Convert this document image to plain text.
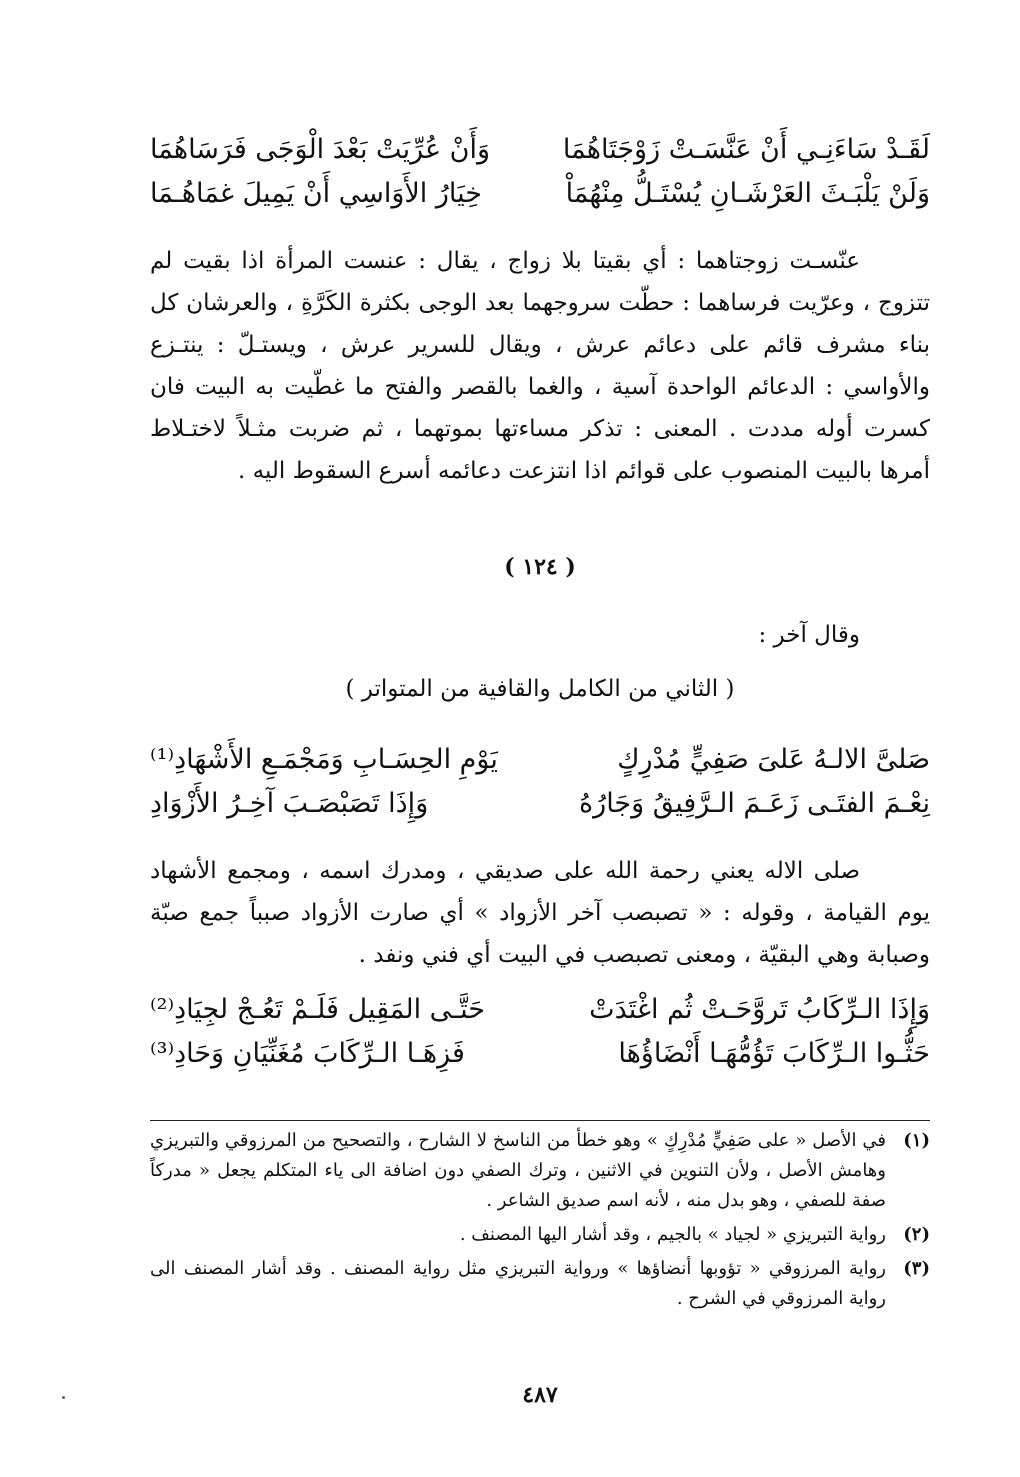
لَقَـدْ سَاءَنِـي أَنْ عَنَّسَـتْ زَوْجَتَاهُمَا
وَأَنْ عُرِّيَتْ بَعْدَ الْوَجَى فَرَسَاهُمَا
وَلَنْ يَلْبَـثَ العَرْشَـانِ يُسْتَـلُّ مِنْهُمَاْ
خِيَارُ الأَوَاسِي أَنْ يَمِيلَ غمَاهُـمَا

عنّسـت زوجتاهما : أي بقيتا بلا زواج ، يقال : عنست المرأة اذا بقيت لم تتزوج ، وعرّيت فرساهما : حطّت سروجهما بعد الوجى بكثرة الكَرَّةِ ، والعرشان كل بناء مشرف قائم على دعائم عرش ، ويقال للسرير عرش ، ويستـلّ : ينتـزع والأواسي : الدعائم الواحدة آسية ، والغما بالقصر والفتح ما غطّيت به البيت فان كسرت أوله مددت . المعنى : تذكر مساءتها بموتهما ، ثم ضربت مثـلاً لاختـلاط أمرها بالبيت المنصوب على قوائم اذا انتزعت دعائمه أسرع السقوط اليه .

( ١٢٤ )

وقال آخر :

( الثاني من الكامل والقافية من المتواتر )
صَلىَّ الالـهُ عَلىَ صَفِيٍّ مُدْرِكٍ
يَوْمِ الحِسَـابِ وَمَجْمَـعِ الأَشْهَادِ⁽¹⁾
نِعْـمَ الفتَـى زَعَـمَ الـرَّفِيقُ وَجَارُهُ
وَإِذَا تَصَبْصَـبَ آخِـرُ الأَزْوَادِ

صلى الاله يعني رحمة الله على صديقي ، ومدرك اسمه ، ومجمع الأشهاد يوم القيامة ، وقوله : « تصبصب آخر الأزواد » أي صارت الأزواد صبباً جمع صبّة وصبابة وهي البقيّة ، ومعنى تصبصب في البيت أي فني ونفد .

وَإِذَا الـرِّكَابُ تَروَّحَـتْ ثُم اغْتَدَتْ
حَتَّـى المَقِيل فَلَـمْ تَعُـجْ لجِيَادِ⁽²⁾
حَثُّـوا الـرِّكَابَ تَؤُمُّهَـا أَنْضَاؤُهَا
فَزِهَـا الـرِّكَابَ مُغَنِّيَانِ وَحَادِ⁽³⁾
(١)
في الأصل « على صَفِيٍّ مُدْرِكٍ » وهو خطأ من الناسخ لا الشارح ، والتصحيح من المرزوقي والتبريزي وهامش الأصل ، ولأن التنوين في الاثنين ، وترك الصفي دون اضافة الى ياء المتكلم يجعل « مدركاً صفة للصفي ، وهو بدل منه ، لأنه اسم صديق الشاعر .
(٢)
رواية التبريزي « لجياد » بالجيم ، وقد أشار اليها المصنف .
(٣)
رواية المرزوقي « تؤوبها أنضاؤها » ورواية التبريزي مثل رواية المصنف . وقد أشار المصنف الى رواية المرزوقي في الشرح .
٤٨٧
